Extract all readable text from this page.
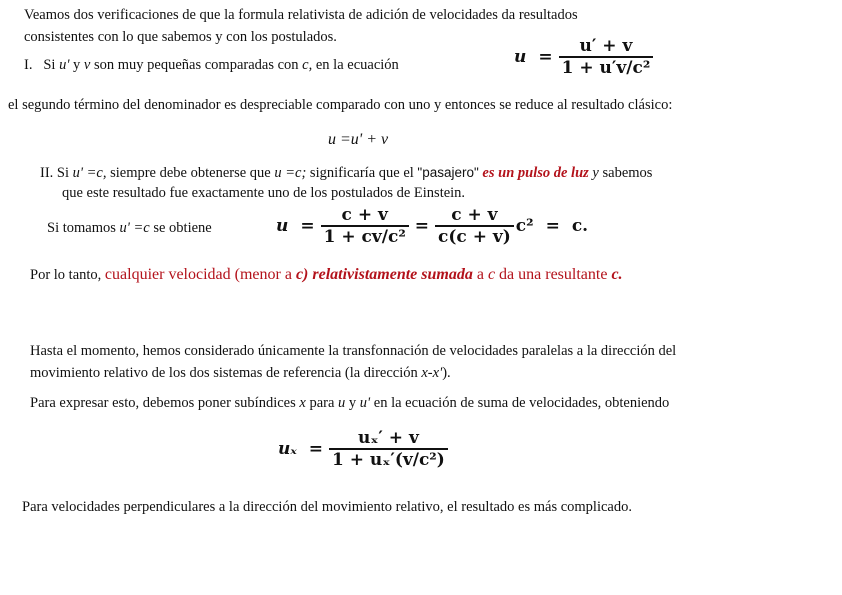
Veamos dos verificaciones de que la formula relativista de adición de velocidades da resultados
consistentes con lo que sabemos y con los postulados.
I. Si u' y v son muy pequeñas comparadas con c, en la ecuación	$u = \frac{u' + v}{\text{1 + u′v/c²}}$
el segundo término del denominador es despreciable comparado con uno y entonces se reduce al resultado clásico:
u =u' + v
II. Si u' =c, siempre debe obtenerse que u =c; significaría que el "pasajero" es un pulso de luz y sabemos
que este resultado fue exactamente uno de los postulados de Einstein.
Si tomamos u' =c se obtiene	$u = \frac{c + v}{\text{1 + cv/c²}} = \frac{c + v}{c(c + v)} c^2 = c$.
Por lo tanto, cualquier velocidad (menor a c) relativistamente sumada a c da una resultante c.
Hasta el momento, hemos considerado únicamente la transfonnación de velocidades paralelas a la dirección del
movimiento relativo de los dos sistemas de referencia (la dirección x-x').
Para expresar esto, debemos poner subíndices x para u y u' en la ecuación de suma de velocidades, obteniendo
$u_x = \frac{\text{uₓ′ + v}}{\text{1 + uₓ′(v/c²)}}$
Para velocidades perpendiculares a la dirección del movimiento relativo, el resultado es más complicado.
